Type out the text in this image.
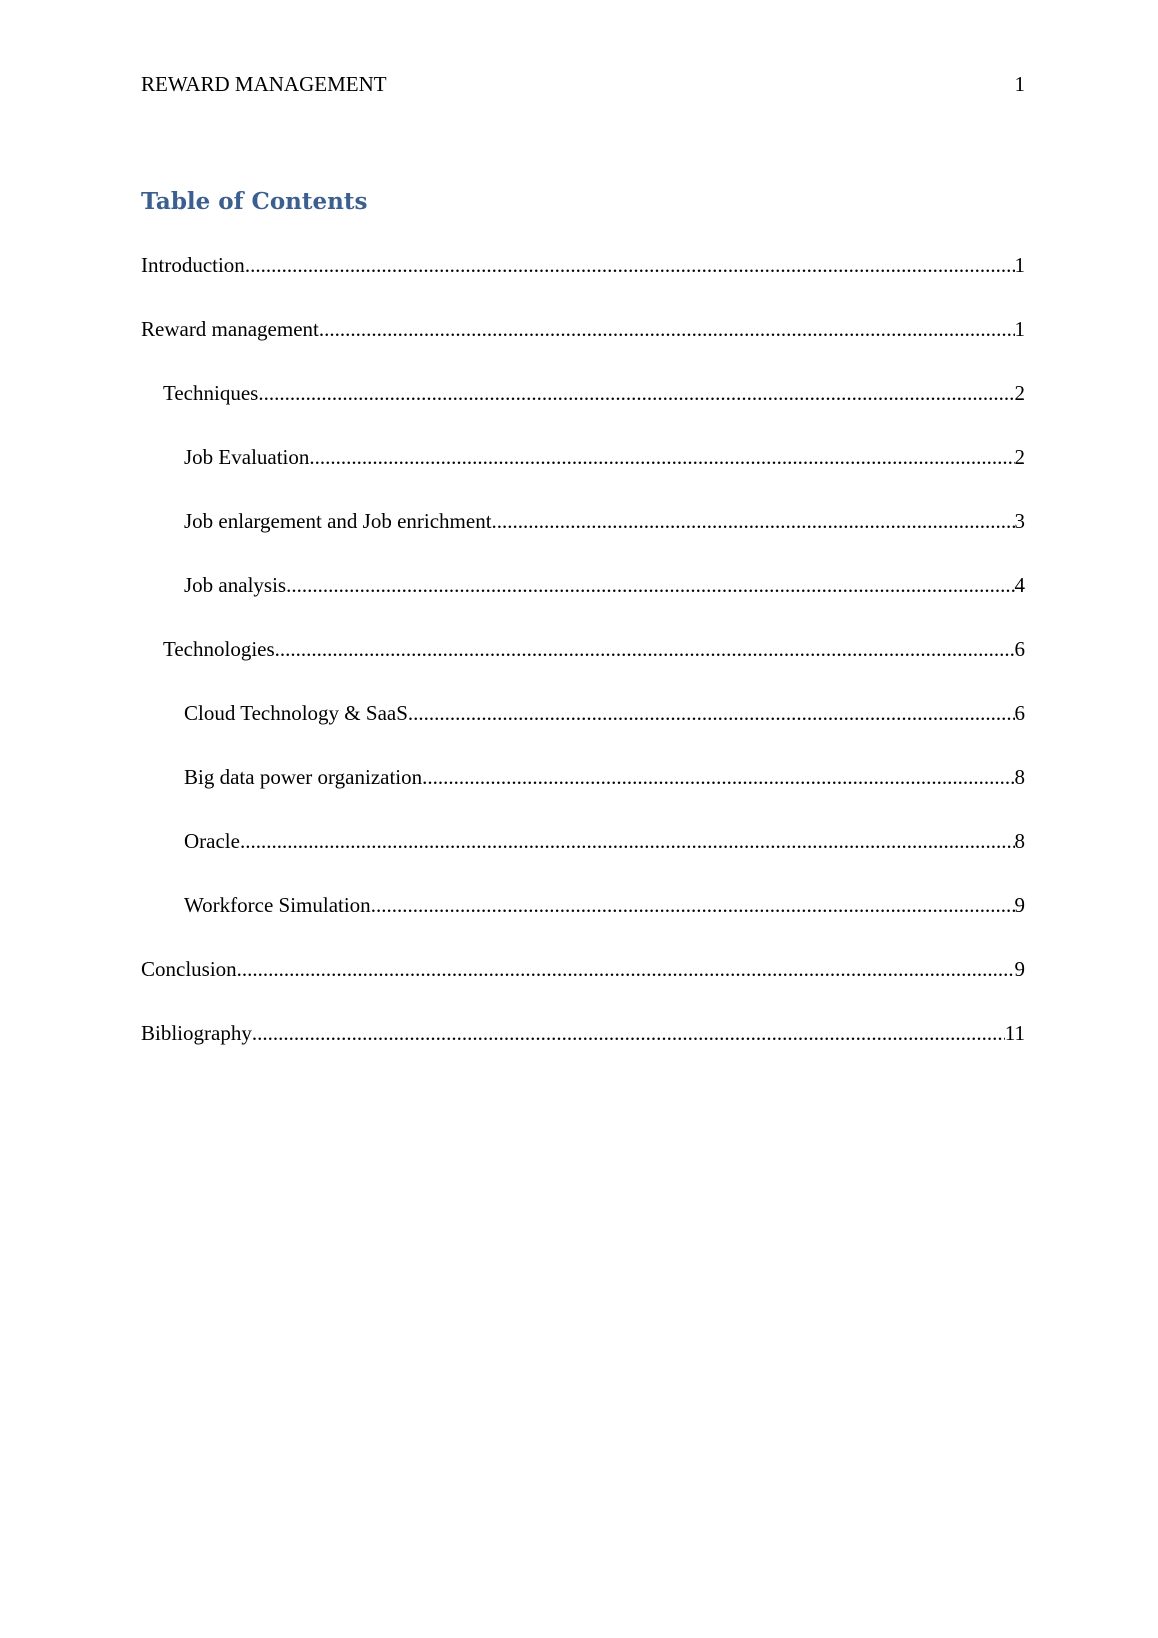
REWARD MANAGEMENT	1
Table of Contents
Introduction .....	1
Reward management .....	1
Techniques .....	2
Job Evaluation .....	2
Job enlargement and Job enrichment .....	3
Job analysis .....	4
Technologies .....	6
Cloud Technology & SaaS .....	6
Big data power organization .....	8
Oracle .....	8
Workforce Simulation .....	9
Conclusion .....	9
Bibliography .....	11
